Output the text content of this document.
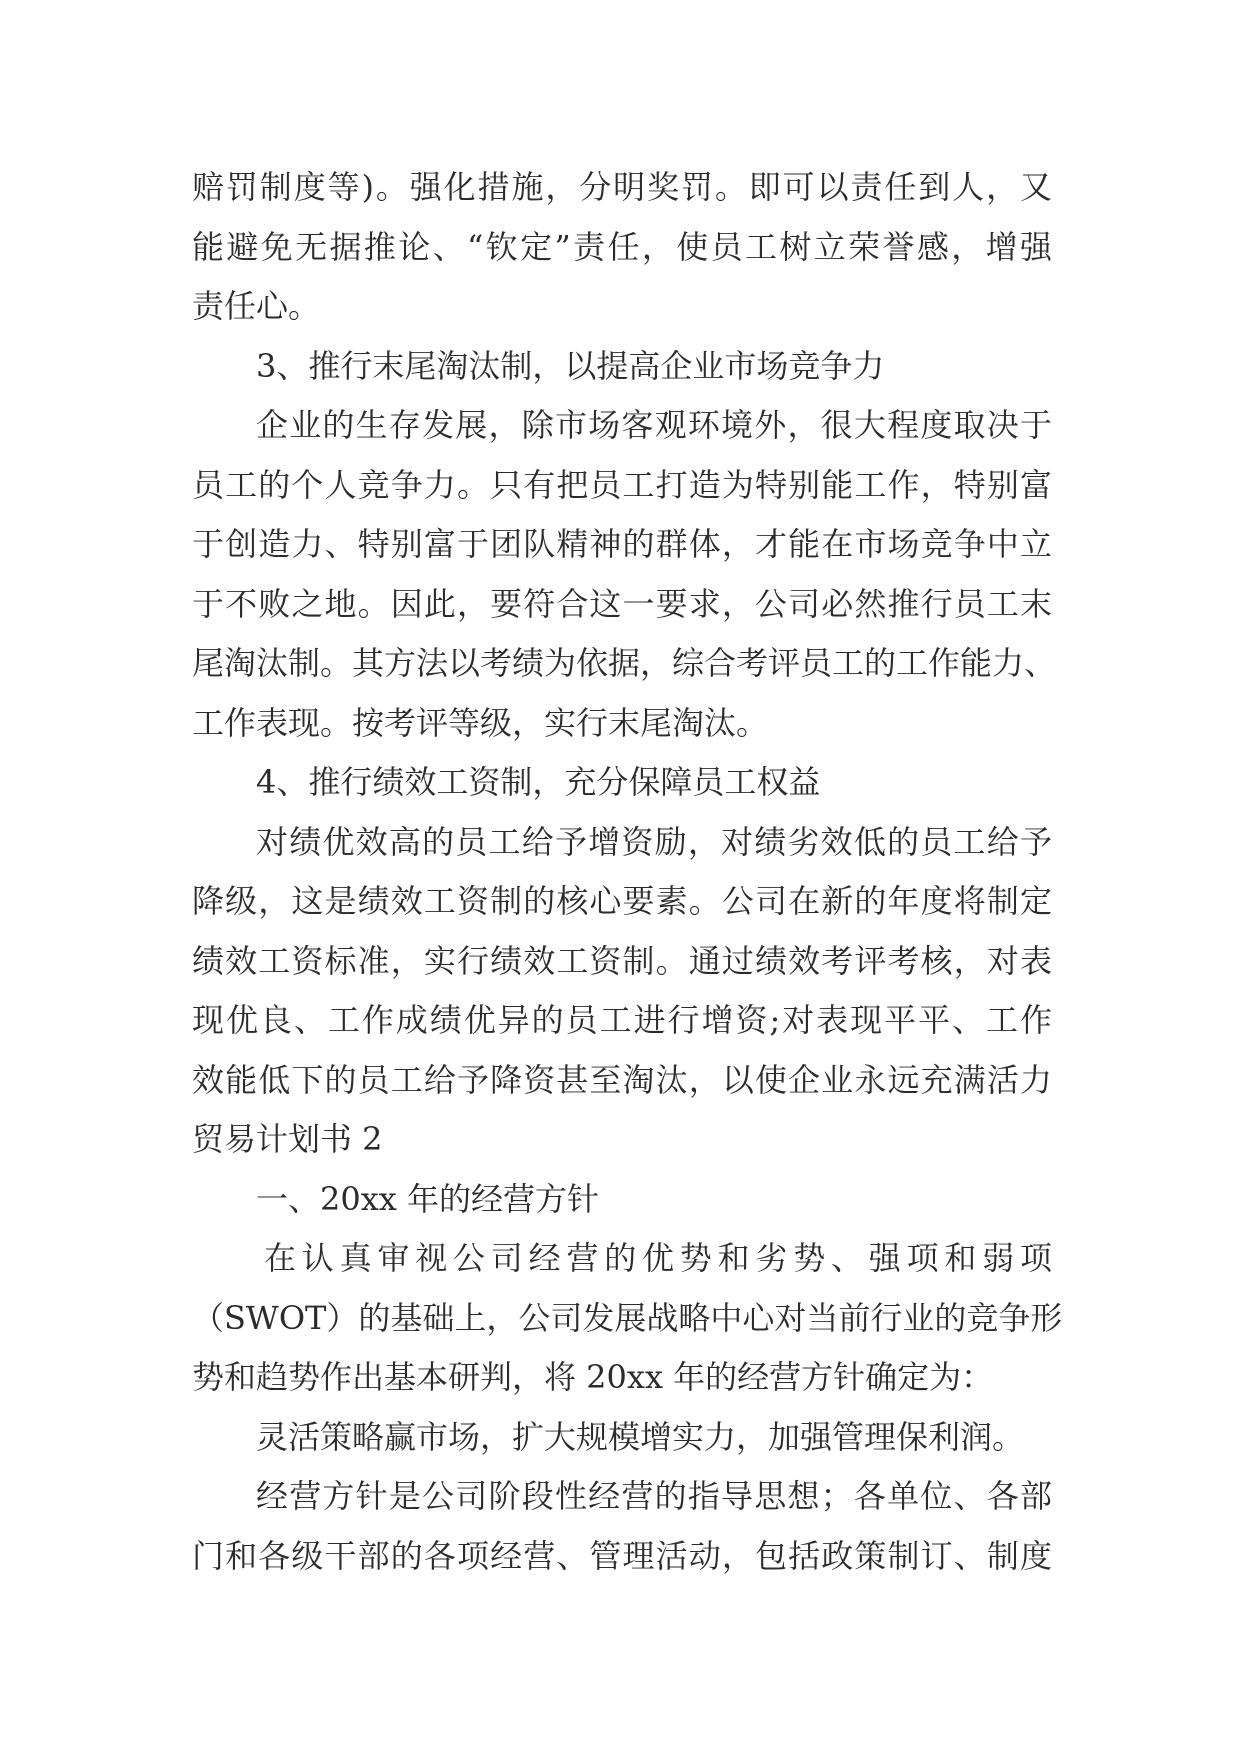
赔罚制度等)。强化措施，分明奖罚。即可以责任到人，又
能避免无据推论、“钦定”责任，使员工树立荣誉感，增强
责任心。
3、推行末尾淘汰制，以提高企业市场竞争力
企业的生存发展，除市场客观环境外，很大程度取决于
员工的个人竞争力。只有把员工打造为特别能工作，特别富
于创造力、特别富于团队精神的群体，才能在市场竞争中立
于不败之地。因此，要符合这一要求，公司必然推行员工末
尾淘汰制。其方法以考绩为依据，综合考评员工的工作能力、
工作表现。按考评等级，实行末尾淘汰。
4、推行绩效工资制，充分保障员工权益
对绩优效高的员工给予增资励，对绩劣效低的员工给予
降级，这是绩效工资制的核心要素。公司在新的年度将制定
绩效工资标准，实行绩效工资制。通过绩效考评考核，对表
现优良、工作成绩优异的员工进行增资;对表现平平、工作
效能低下的员工给予降资甚至淘汰，以使企业永远充满活力
贸易计划书 2
一、20xx 年的经营方针
在认真审视公司经营的优势和劣势、强项和弱项
（SWOT）的基础上，公司发展战略中心对当前行业的竞争形
势和趋势作出基本研判，将 20xx 年的经营方针确定为：
灵活策略赢市场，扩大规模增实力，加强管理保利润。
经营方针是公司阶段性经营的指导思想；各单位、各部
门和各级干部的各项经营、管理活动，包括政策制订、制度
